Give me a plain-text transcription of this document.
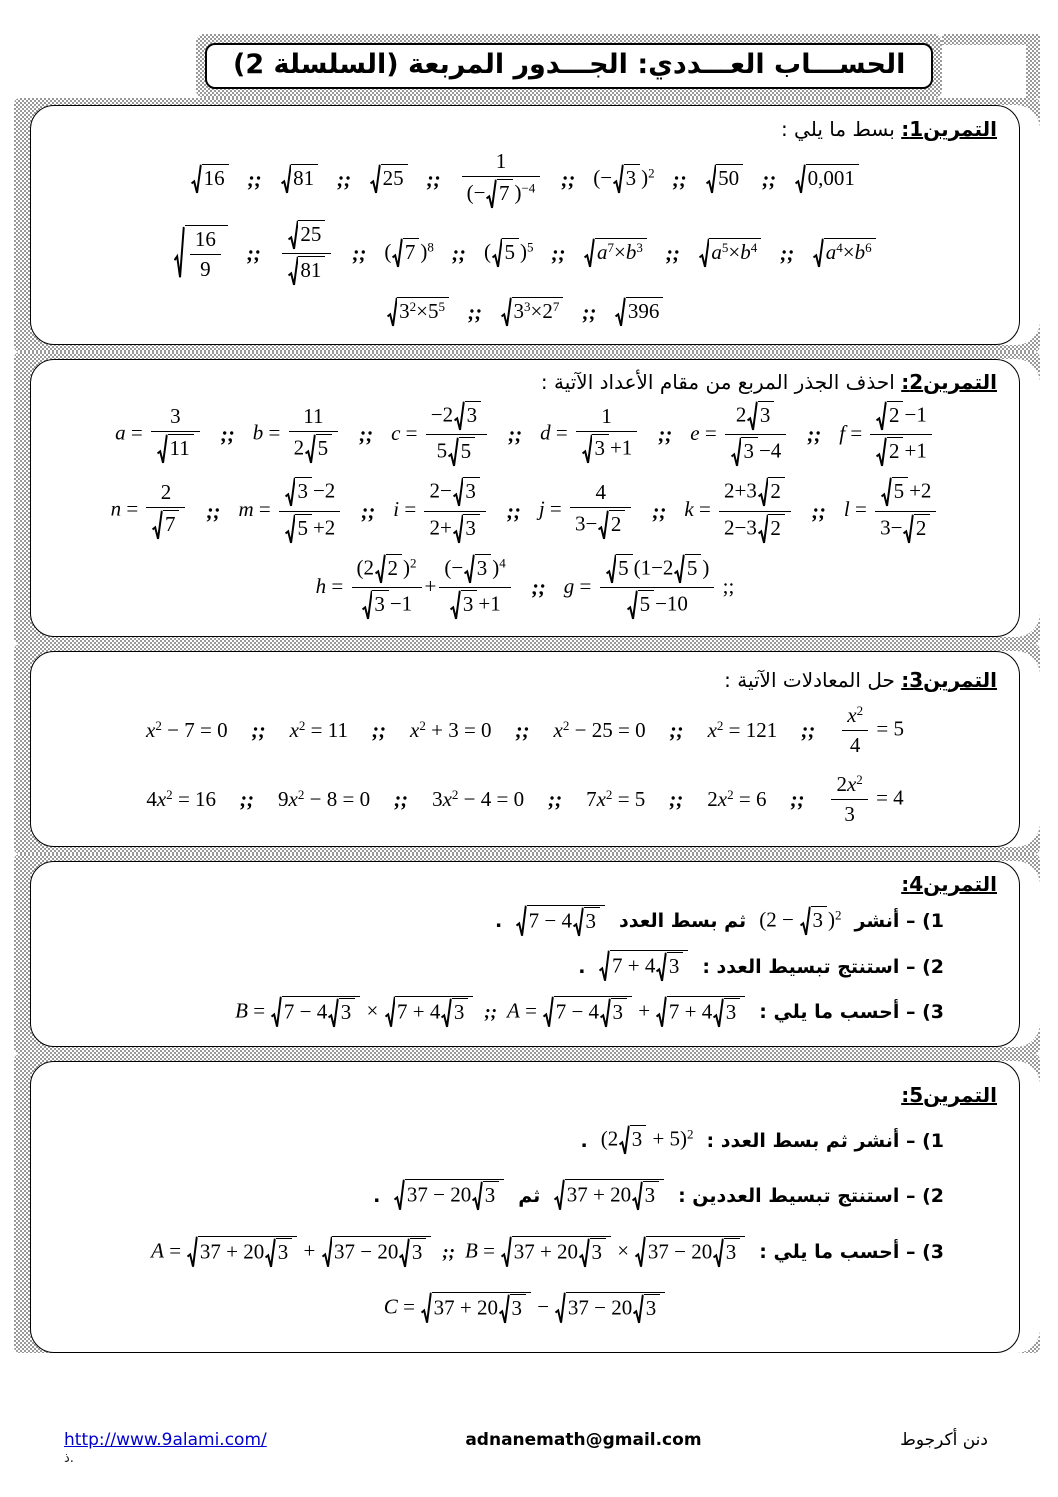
الحســـاب العـــددي: الجـــدور المربعة (السلسلة 2)
التمرين1: بسط ما يلي :
16 ;; 81 ;; 25 ;; $\frac{1}{(- 7 )^{-4}}$ ;; (− 3 )$^2$ ;; 50 ;; 0,001
$\frac{16}{9}$ ;; $\frac{25}{81}$ ;; ( 7 )$^8$ ;; ( 5 )$^5$ ;; $a^7\times b^3$ ;; $a^5\times b^4$ ;; $a^4\times b^6$
$3^2\times 5^5$ ;; $3^3\times 2^7$ ;; 396
التمرين2: احذف الجذر المربع من مقام الأعداد الآتية :
$a = \frac{3}{11}$ ;; $b = \frac{11}{2 5}$ ;; $c = \frac{-2 3}{5 5}$ ;; $d = \frac{1}{3 +1}$ ;; $e = \frac{2 3}{3 -4}$ ;; $f = \frac{2 -1}{2 +1}$
$n = \frac{2}{7}$ ;; $m = \frac{3 -2}{5 +2}$ ;; $i = \frac{2- 3}{2+ 3}$ ;; $j = \frac{4}{3- 2}$ ;; $k = \frac{2+3 2}{2-3 2}$ ;; $l = \frac{5 +2}{3- 2}$
$h = \frac{(2 2 )^2}{3 -1} + \frac{(- 3 )^4}{3 +1}$ ;; $g = \frac{5 (1-2 5 )}{5 -10}$ ;;
التمرين3: حل المعادلات الآتية :
$x^2 - 7 = 0$ ;; $x^2 = 11$ ;; $x^2 + 3 = 0$ ;; $x^2 - 25 = 0$ ;; $x^2 = 121$ ;; $\frac{x^2}{4} = 5$
$4x^2 = 16$ ;; $9x^2 - 8 = 0$ ;; $3x^2 - 4 = 0$ ;; $7x^2 = 5$ ;; $2x^2 = 6$ ;; $\frac{2x^2}{3} = 4$
التمرين4:
1) – أنشر(2 − 3 )$^2$ثم بسط العدد
7 − 4 3
.
2) – استنتج تبسيط العدد :
7 + 4 3
.
3) – أحسب ما يلي :A = 7 − 4 3 + 7 + 4 3
;;B = 7 − 4 3 × 7 + 4 3
التمرين5:
1) – أنشر ثم بسط العدد :(2 3 + 5)$^2$.
2) – استنتج تبسيط العددين :
37 + 20 3
ثم
37 − 20 3
.
3) – أحسب ما يلي :B = 37 + 20 3 × 37 − 20 3
;;A = 37 + 20 3 + 37 − 20 3
C = 37 + 20 3 − 37 − 20 3
http://www.9alami.com/
ذ.
adnanemath@gmail.com	دنن أكرجوط
